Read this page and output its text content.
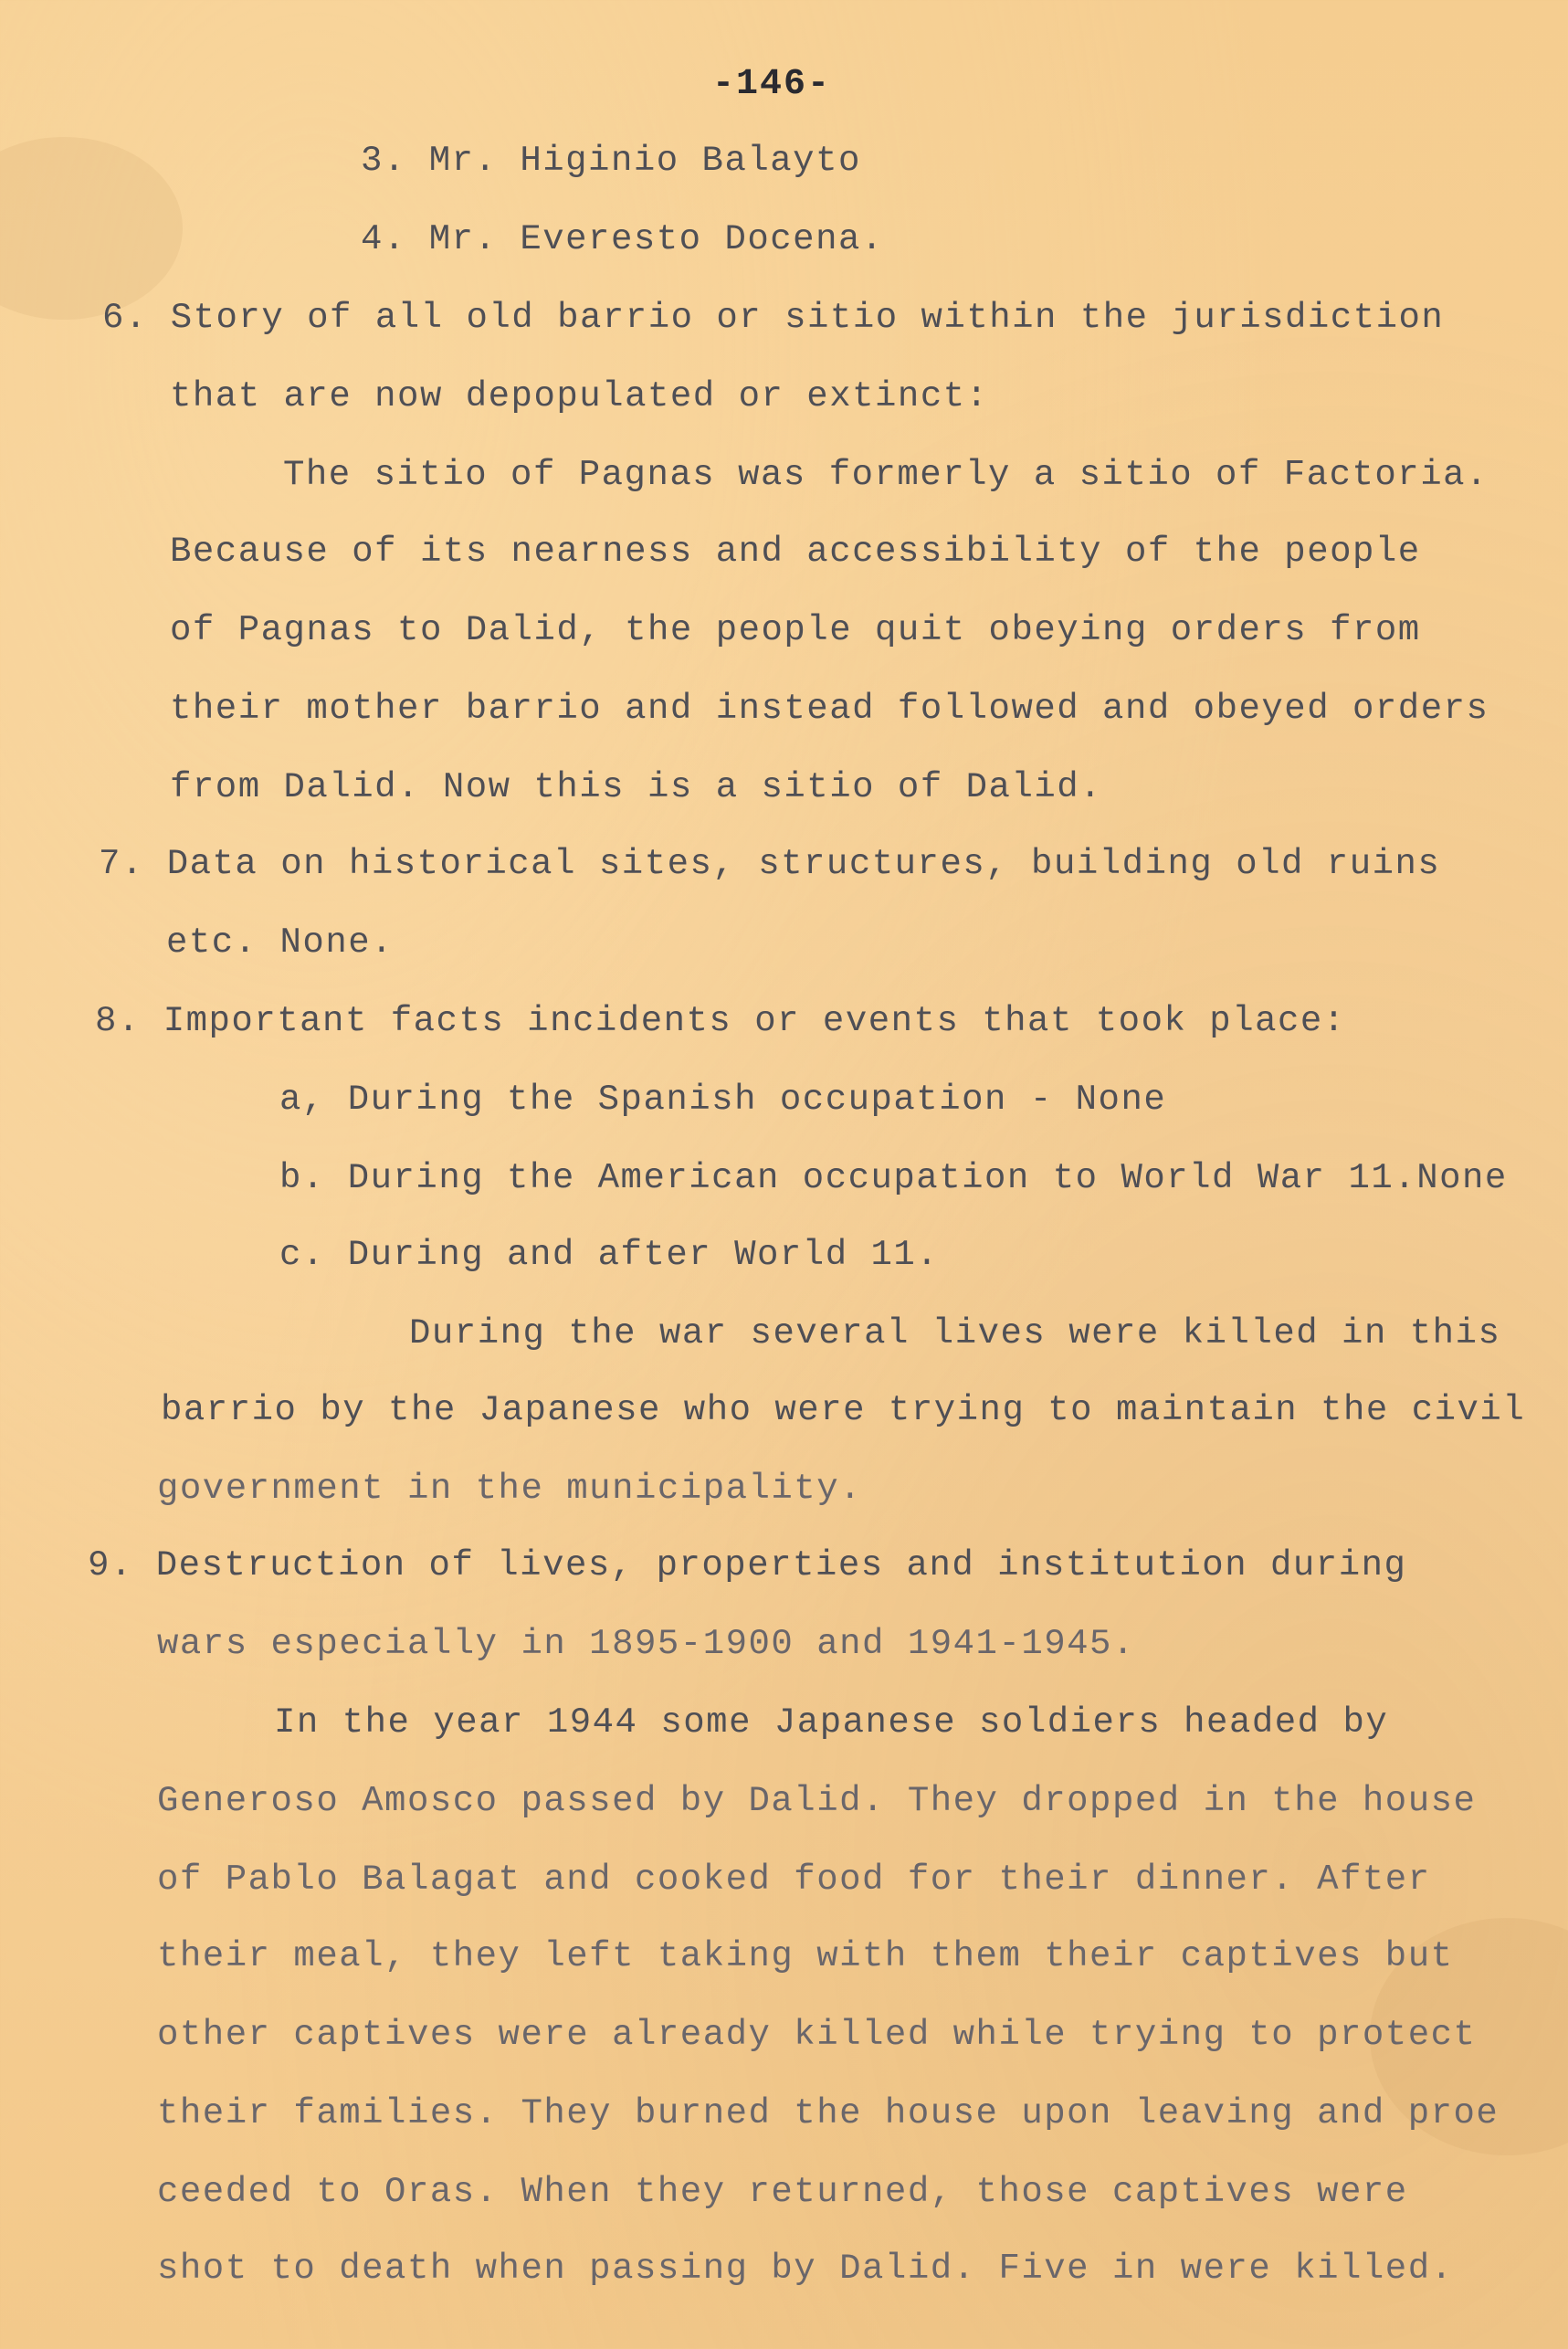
-146-
3. Mr. Higinio Balayto
4. Mr. Everesto Docena.
6. Story of all old barrio or sitio within the jurisdiction
that are now depopulated or extinct:
The sitio of Pagnas was formerly a sitio of Factoria.
Because of its nearness and accessibility of the people
of Pagnas to Dalid, the people quit obeying orders from
their mother barrio and instead followed and obeyed orders
from Dalid. Now this is a sitio of Dalid.
7. Data on historical sites, structures, building old ruins
etc. None.
8. Important facts incidents or events that took place:
a, During the Spanish occupation - None
b. During the American occupation to World War 11.None
c. During and after World 11.
During the war several lives were killed in this
barrio by the Japanese who were trying to maintain the civil
government in the municipality.
9. Destruction of lives, properties and institution during
wars especially in 1895-1900 and 1941-1945.
In the year 1944 some Japanese soldiers headed by
Generoso Amosco passed by Dalid. They dropped in the house
of Pablo Balagat and cooked food for their dinner. After
their meal, they left taking with them their captives but
other captives were already killed while trying to protect
their families. They burned the house upon leaving and proe
ceeded to Oras. When they returned, those captives were
shot to death when passing by Dalid. Five in were killed.
